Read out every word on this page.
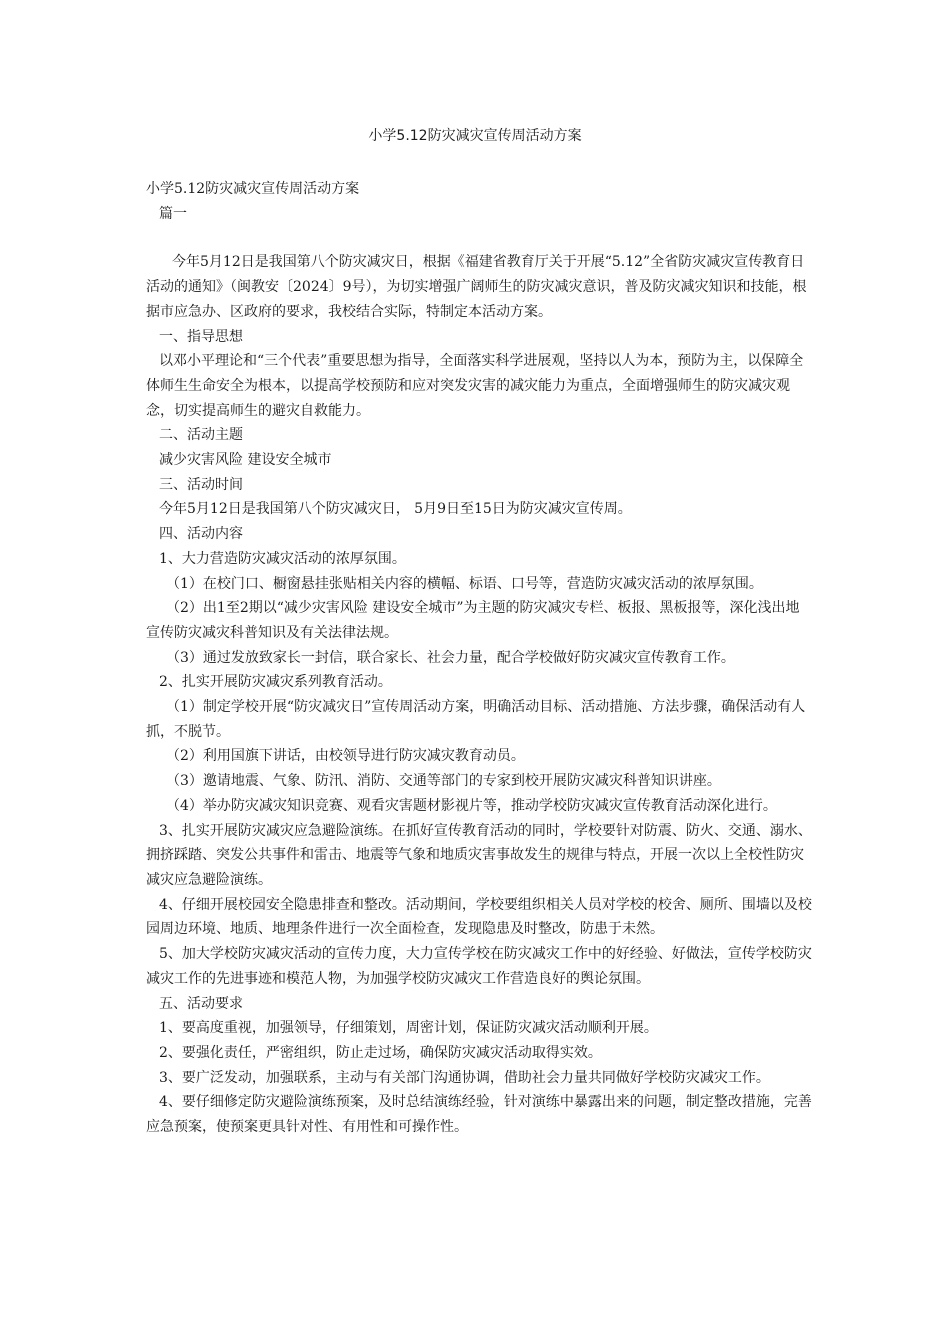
小学5.12防灾减灾宣传周活动方案

小学5.12防灾减灾宣传周活动方案

篇一

今年5月12日是我国第八个防灾减灾日，根据《福建省教育厅关于开展“5.12”全省防灾减灾宣传教育日活动的通知》（闽教安〔2024〕9号），为切实增强广阔师生的防灾减灾意识，普及防灾减灾知识和技能，根据市应急办、区政府的要求，我校结合实际，特制定本活动方案。

一、指导思想

以邓小平理论和“三个代表”重要思想为指导，全面落实科学进展观，坚持以人为本，预防为主，以保障全体师生生命安全为根本，以提高学校预防和应对突发灾害的减灾能力为重点，全面增强师生的防灾减灾观念，切实提高师生的避灾自救能力。

二、活动主题

减少灾害风险 建设安全城市

三、活动时间

今年5月12日是我国第八个防灾减灾日， 5月9日至15日为防灾减灾宣传周。

四、活动内容

1、大力营造防灾减灾活动的浓厚氛围。

（1）在校门口、橱窗悬挂张贴相关内容的横幅、标语、口号等，营造防灾减灾活动的浓厚氛围。

（2）出1至2期以“减少灾害风险 建设安全城市”为主题的防灾减灾专栏、板报、黑板报等，深化浅出地宣传防灾减灾科普知识及有关法律法规。

（3）通过发放致家长一封信，联合家长、社会力量，配合学校做好防灾减灾宣传教育工作。

2、扎实开展防灾减灾系列教育活动。

（1）制定学校开展“防灾减灾日”宣传周活动方案，明确活动目标、活动措施、方法步骤，确保活动有人抓，不脱节。

（2）利用国旗下讲话，由校领导进行防灾减灾教育动员。

（3）邀请地震、气象、防汛、消防、交通等部门的专家到校开展防灾减灾科普知识讲座。

（4）举办防灾减灾知识竞赛、观看灾害题材影视片等，推动学校防灾减灾宣传教育活动深化进行。

3、扎实开展防灾减灾应急避险演练。在抓好宣传教育活动的同时，学校要针对防震、防火、交通、溺水、拥挤踩踏、突发公共事件和雷击、地震等气象和地质灾害事故发生的规律与特点，开展一次以上全校性防灾减灾应急避险演练。

4、仔细开展校园安全隐患排查和整改。活动期间，学校要组织相关人员对学校的校舍、厕所、围墙以及校园周边环境、地质、地理条件进行一次全面检查，发现隐患及时整改，防患于未然。

5、加大学校防灾减灾活动的宣传力度，大力宣传学校在防灾减灾工作中的好经验、好做法，宣传学校防灾减灾工作的先进事迹和模范人物，为加强学校防灾减灾工作营造良好的舆论氛围。

五、活动要求

1、要高度重视，加强领导，仔细策划，周密计划，保证防灾减灾活动顺利开展。

2、要强化责任，严密组织，防止走过场，确保防灾减灾活动取得实效。

3、要广泛发动，加强联系，主动与有关部门沟通协调，借助社会力量共同做好学校防灾减灾工作。

4、要仔细修定防灾避险演练预案，及时总结演练经验，针对演练中暴露出来的问题，制定整改措施，完善应急预案，使预案更具针对性、有用性和可操作性。
